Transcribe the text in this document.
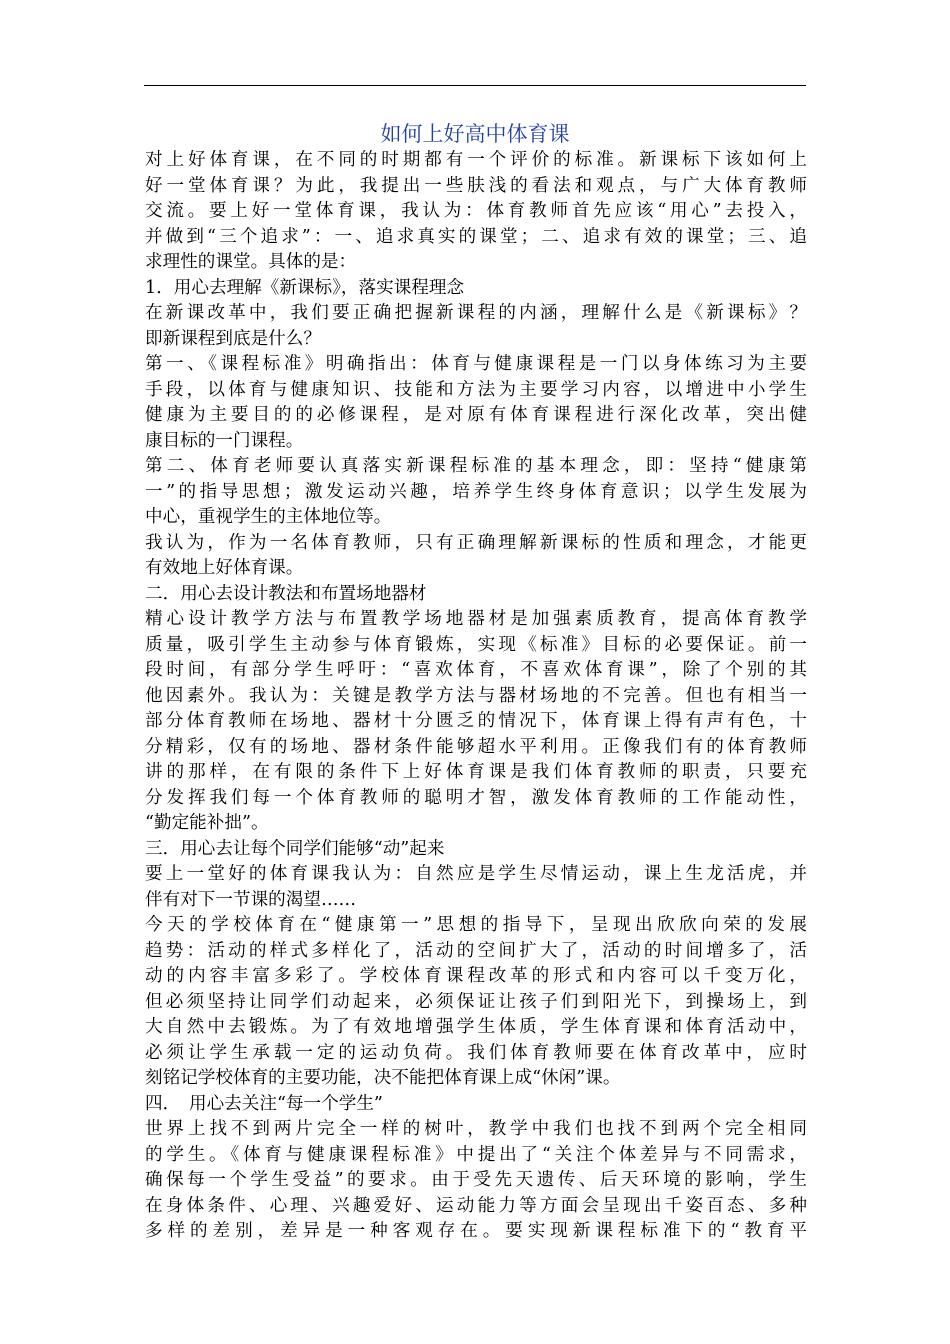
如何上好高中体育课
对上好体育课，在不同的时期都有一个评价的标准。新课标下该如何上
好一堂体育课？为此，我提出一些肤浅的看法和观点，与广大体育教师
交流。要上好一堂体育课，我认为：体育教师首先应该“用心”去投入，
并做到“三个追求”：一、追求真实的课堂；二、追求有效的课堂；三、追
求理性的课堂。具体的是：
1．用心去理解《新课标》，落实课程理念
在新课改革中，我们要正确把握新课程的内涵，理解什么是《新课标》？
即新课程到底是什么？
第一、《课程标准》明确指出：体育与健康课程是一门以身体练习为主要
手段，以体育与健康知识、技能和方法为主要学习内容，以增进中小学生
健康为主要目的的必修课程，是对原有体育课程进行深化改革，突出健
康目标的一门课程。
第二、体育老师要认真落实新课程标准的基本理念，即：坚持“健康第
一”的指导思想；激发运动兴趣，培养学生终身体育意识；以学生发展为
中心，重视学生的主体地位等。
我认为，作为一名体育教师，只有正确理解新课标的性质和理念，才能更
有效地上好体育课。
二．用心去设计教法和布置场地器材
精心设计教学方法与布置教学场地器材是加强素质教育，提高体育教学
质量，吸引学生主动参与体育锻炼，实现《标准》目标的必要保证。前一
段时间，有部分学生呼吁：“喜欢体育，不喜欢体育课”，除了个别的其
他因素外。我认为：关键是教学方法与器材场地的不完善。但也有相当一
部分体育教师在场地、器材十分匮乏的情况下，体育课上得有声有色，十
分精彩，仅有的场地、器材条件能够超水平利用。正像我们有的体育教师
讲的那样，在有限的条件下上好体育课是我们体育教师的职责，只要充
分发挥我们每一个体育教师的聪明才智，激发体育教师的工作能动性，
“勤定能补拙”。
三．用心去让每个同学们能够“动”起来
要上一堂好的体育课我认为：自然应是学生尽情运动，课上生龙活虎，并
伴有对下一节课的渴望……
今天的学校体育在“健康第一”思想的指导下，呈现出欣欣向荣的发展
趋势：活动的样式多样化了，活动的空间扩大了，活动的时间增多了，活
动的内容丰富多彩了。学校体育课程改革的形式和内容可以千变万化，
但必须坚持让同学们动起来，必须保证让孩子们到阳光下，到操场上，到
大自然中去锻炼。为了有效地增强学生体质，学生体育课和体育活动中，
必须让学生承载一定的运动负荷。我们体育教师要在体育改革中，应时
刻铭记学校体育的主要功能，决不能把体育课上成“休闲”课。
四．　用心去关注“每一个学生”
世界上找不到两片完全一样的树叶，教学中我们也找不到两个完全相同
的学生。《体育与健康课程标准》中提出了“关注个体差异与不同需求，
确保每一个学生受益”的要求。由于受先天遗传、后天环境的影响，学生
在身体条件、心理、兴趣爱好、运动能力等方面会呈现出千姿百态、多种
多样的差别，差异是一种客观存在。要实现新课程标准下的“教育平
